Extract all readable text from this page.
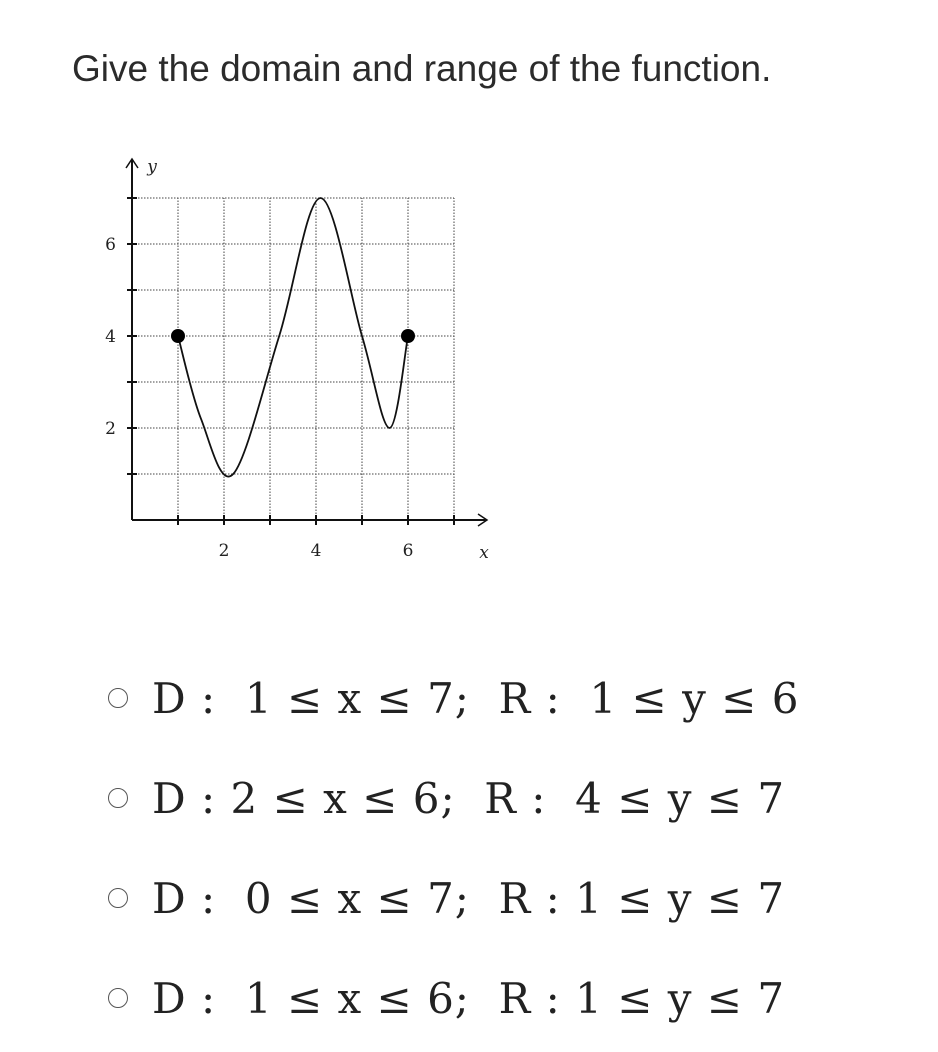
Give the domain and range of the function.
2	4	6
2
4
6
x
y
D :  1 ≤ x ≤ 7;  R :  1 ≤ y ≤ 6
D : 2 ≤ x ≤ 6;  R :  4 ≤ y ≤ 7
D :  0 ≤ x ≤ 7;  R : 1 ≤ y ≤ 7
D :  1 ≤ x ≤ 6;  R : 1 ≤ y ≤ 7
